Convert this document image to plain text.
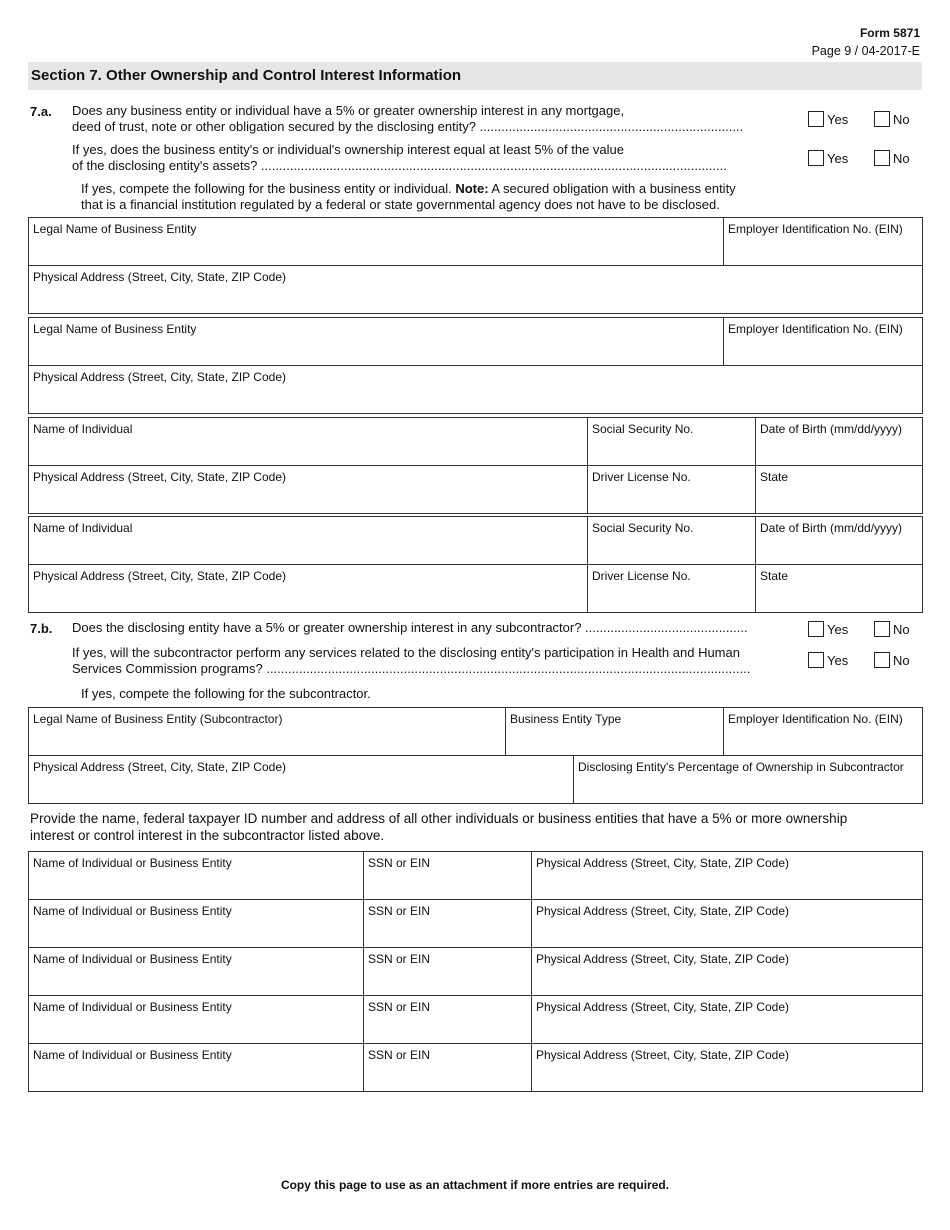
Form 5871
Page 9 / 04-2017-E
Section 7. Other Ownership and Control Interest Information
7.a. Does any business entity or individual have a 5% or greater ownership interest in any mortgage,
deed of trust, note or other obligation secured by the disclosing entity? .........................................................................	Yes	No
If yes, does the business entity's or individual's ownership interest equal at least 5% of the value
of the disclosing entity's assets? .................................................................................................................................	Yes	No
If yes, compete the following for the business entity or individual. Note: A secured obligation with a business entity
that is a financial institution regulated by a federal or state governmental agency does not have to be disclosed.
Legal Name of Business Entity	Employer Identification No. (EIN)
Physical Address (Street, City, State, ZIP Code)
Legal Name of Business Entity	Employer Identification No. (EIN)
Physical Address (Street, City, State, ZIP Code)
Name of Individual	Social Security No.	Date of Birth (mm/dd/yyyy)
Physical Address (Street, City, State, ZIP Code)	Driver License No.	State
Name of Individual	Social Security No.	Date of Birth (mm/dd/yyyy)
Physical Address (Street, City, State, ZIP Code)	Driver License No.	State
7.b. Does the disclosing entity have a 5% or greater ownership interest in any subcontractor? .............................................	Yes	No
If yes, will the subcontractor perform any services related to the disclosing entity's participation in Health and Human
Services Commission programs? ......................................................................................................................................
Yes	No
If yes, compete the following for the subcontractor.
Legal Name of Business Entity (Subcontractor)	Business Entity Type	Employer Identification No. (EIN)
Physical Address (Street, City, State, ZIP Code)	Disclosing Entity's Percentage of Ownership in Subcontractor
Provide the name, federal taxpayer ID number and address of all other individuals or business entities that have a 5% or more ownership
interest or control interest in the subcontractor listed above.
Name of Individual or Business Entity	SSN or EIN	Physical Address (Street, City, State, ZIP Code)
Name of Individual or Business Entity	SSN or EIN	Physical Address (Street, City, State, ZIP Code)
Name of Individual or Business Entity	SSN or EIN	Physical Address (Street, City, State, ZIP Code)
Name of Individual or Business Entity	SSN or EIN	Physical Address (Street, City, State, ZIP Code)
Name of Individual or Business Entity	SSN or EIN	Physical Address (Street, City, State, ZIP Code)
Copy this page to use as an attachment if more entries are required.
